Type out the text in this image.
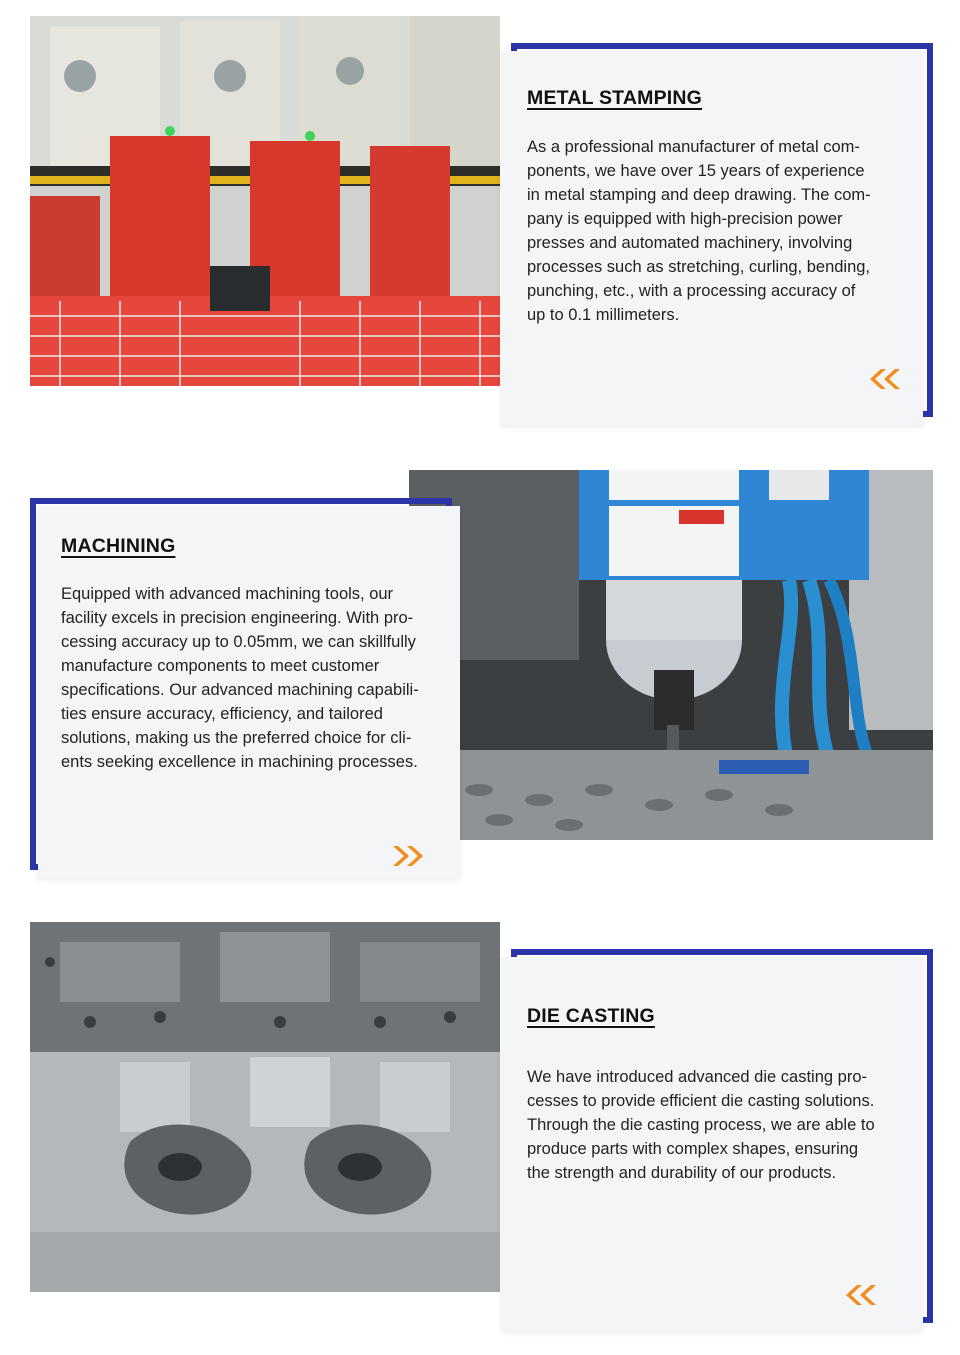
METAL STAMPING

As a professional manufacturer of metal com-
ponents, we have over 15 years of experience
in metal stamping and deep drawing. The com-
pany is equipped with high-precision power
presses and automated machinery, involving
processes such as stretching, curling, bending,
punching, etc., with a processing accuracy of
up to 0.1 millimeters.

MACHINING

Equipped with advanced machining tools, our
facility excels in precision engineering. With pro-
cessing accuracy up to 0.05mm, we can skillfully
manufacture components to meet customer
specifications. Our advanced machining capabili-
ties ensure accuracy, efficiency, and tailored
solutions, making us the preferred choice for cli-
ents seeking excellence in machining processes.

DIE CASTING

We have introduced advanced die casting pro-
cesses to provide efficient die casting solutions.
Through the die casting process, we are able to
produce parts with complex shapes, ensuring
the strength and durability of our products.
